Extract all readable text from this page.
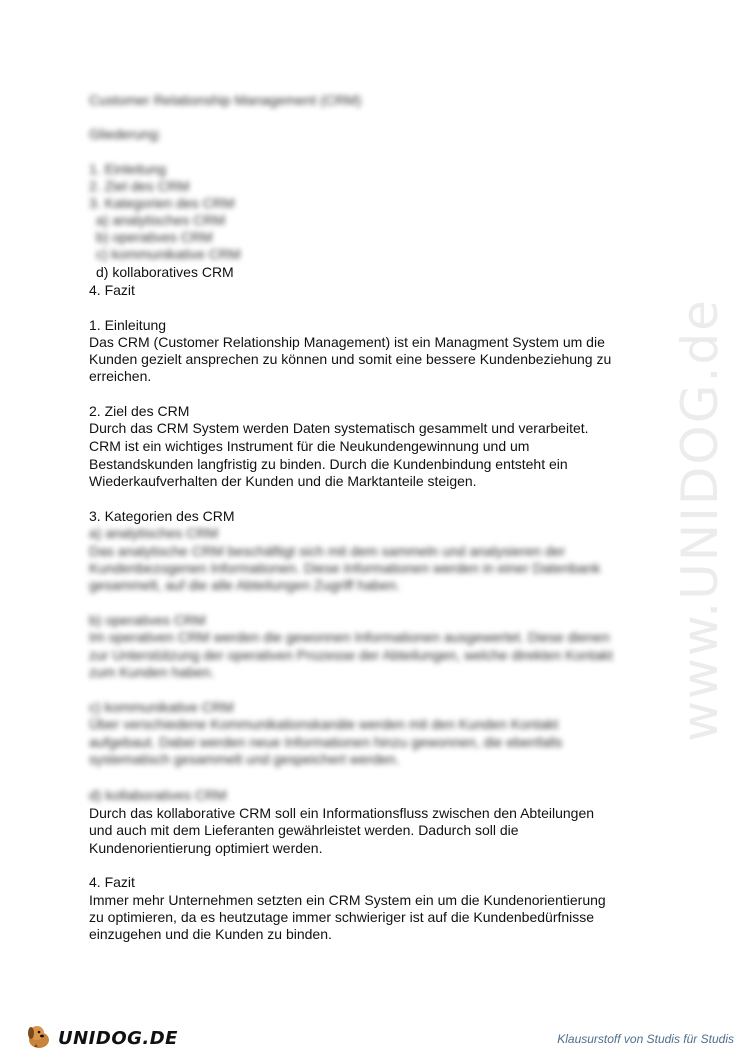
www.UNIDOG.de
Customer Relationship Management (CRM)
Gliederung:
1. Einleitung
2. Ziel des CRM
3. Kategorien des CRM
a) analytisches CRM
b) operatives CRM
c) kommunikative CRM
d) kollaboratives CRM
4. Fazit
1. Einleitung
Das CRM (Customer Relationship Management) ist ein Managment System um die
Kunden gezielt ansprechen zu können und somit eine bessere Kundenbeziehung zu
erreichen.
2. Ziel des CRM
Durch das CRM System werden Daten systematisch gesammelt und verarbeitet.
CRM ist ein wichtiges Instrument für die Neukundengewinnung und um
Bestandskunden langfristig zu binden. Durch die Kundenbindung entsteht ein
Wiederkaufverhalten der Kunden und die Marktanteile steigen.
3. Kategorien des CRM
a) analytisches CRM
Das analytische CRM beschäftigt sich mit dem sammeln und analysieren der
Kundenbezogenen Informationen. Diese Informationen werden in einer Datenbank
gesammelt, auf die alle Abteilungen Zugriff haben.
b) operatives CRM
Im operativen CRM werden die gewonnen Informationen ausgewertet. Diese dienen
zur Unterstützung der operativen Prozesse der Abteilungen, welche direkten Kontakt
zum Kunden haben.
c) kommunikative CRM
Über verschiedene Kommunikationskanäle werden mit den Kunden Kontakt
aufgebaut. Dabei werden neue Informationen hinzu gewonnen, die ebenfalls
systematisch gesammelt und gespeichert werden.
d) kollaboratives CRM
Durch das kollaborative CRM soll ein Informationsfluss zwischen den Abteilungen
und auch mit dem Lieferanten gewährleistet werden. Dadurch soll die
Kundenorientierung optimiert werden.
4. Fazit
Immer mehr Unternehmen setzten ein CRM System ein um die Kundenorientierung
zu optimieren, da es heutzutage immer schwieriger ist auf die Kundenbedürfnisse
einzugehen und die Kunden zu binden.
UNIDOG.DE	Klausurstoff von Studis für Studis
